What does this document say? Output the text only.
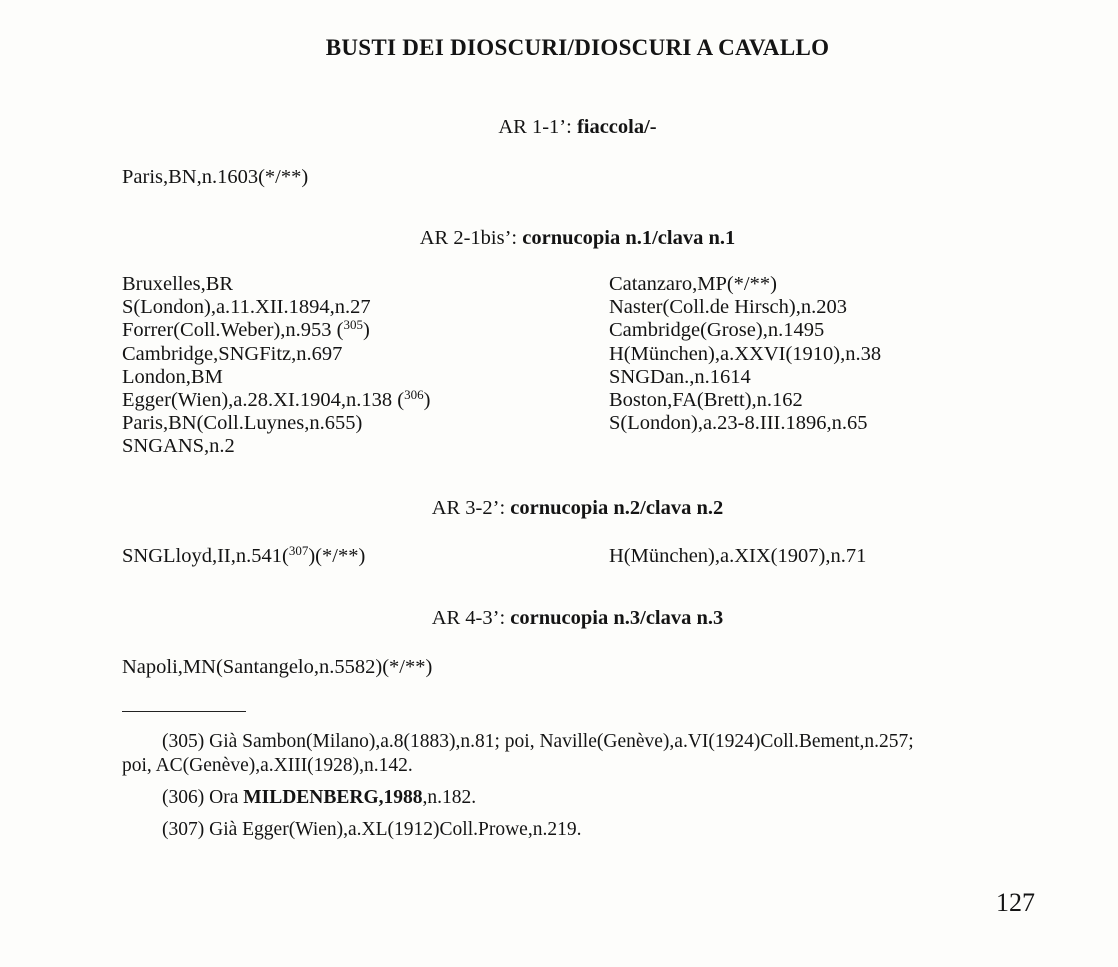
BUSTI DEI DIOSCURI/DIOSCURI A CAVALLO
AR 1-1’: fiaccola/-
Paris,BN,n.1603(*/**)
AR 2-1bis’: cornucopia n.1/clava n.1
Bruxelles,BR
S(London),a.11.XII.1894,n.27
Forrer(Coll.Weber),n.953 ($^{305}$)
Cambridge,SNGFitz,n.697
London,BM
Egger(Wien),a.28.XI.1904,n.138 ($^{306}$)
Paris,BN(Coll.Luynes,n.655)
SNGANS,n.2
Catanzaro,MP(*/**)
Naster(Coll.de Hirsch),n.203
Cambridge(Grose),n.1495
H(München),a.XXVI(1910),n.38
SNGDan.,n.1614
Boston,FA(Brett),n.162
S(London),a.23-8.III.1896,n.65
AR 3-2’: cornucopia n.2/clava n.2
SNGLloyd,II,n.541($^{307}$)(*/**)	H(München),a.XIX(1907),n.71
AR 4-3’: cornucopia n.3/clava n.3
Napoli,MN(Santangelo,n.5582)(*/**)
(305) Già Sambon(Milano),a.8(1883),n.81; poi, Naville(Genève),a.VI(1924)Coll.Bement,n.257;
poi, AC(Genève),a.XIII(1928),n.142.
(306) Ora MILDENBERG,1988,n.182.
(307) Già Egger(Wien),a.XL(1912)Coll.Prowe,n.219.
127
